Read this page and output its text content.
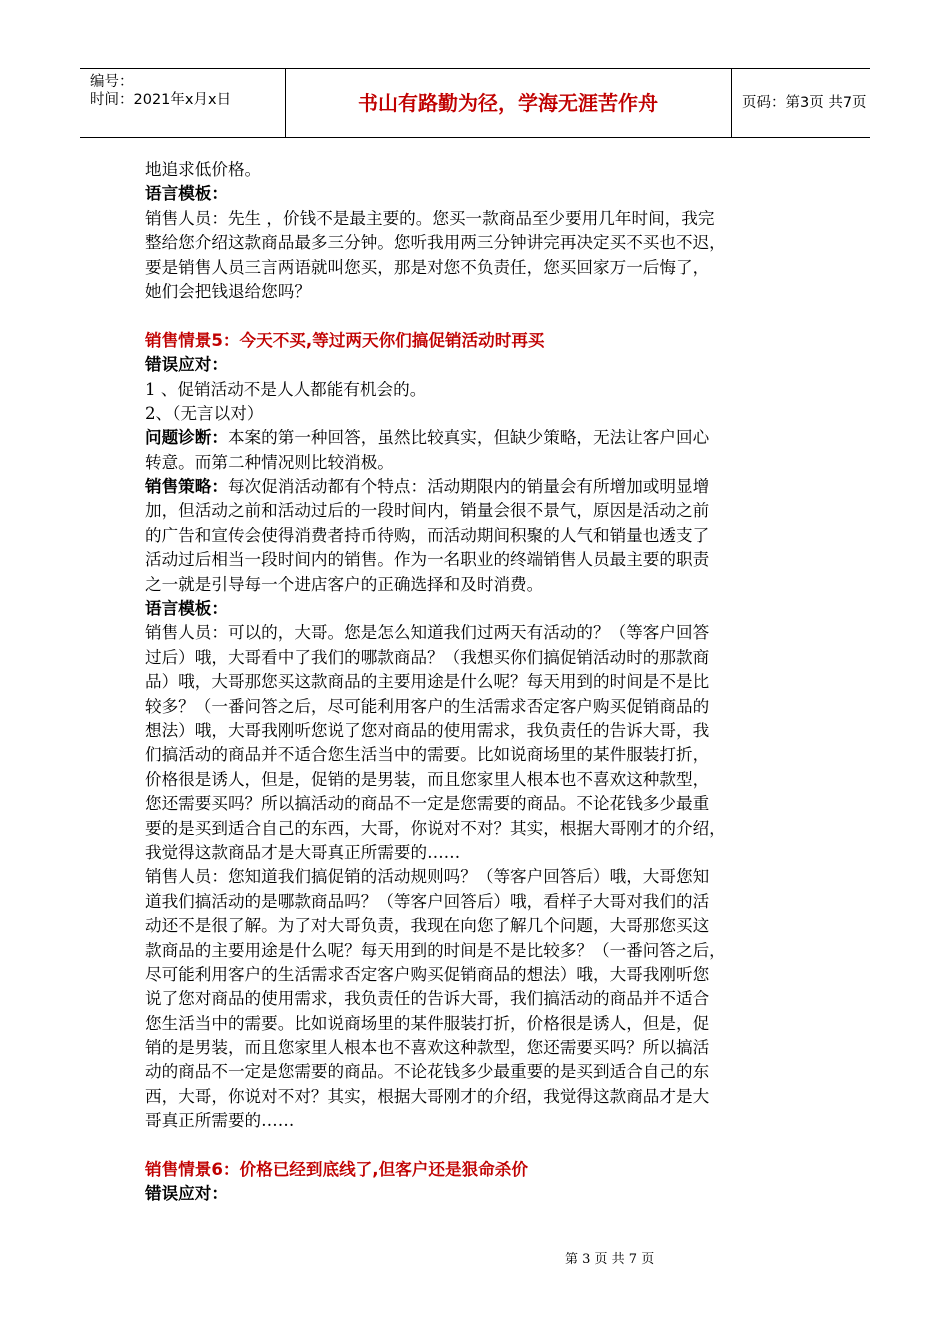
编号：
时间：2021年x月x日	书山有路勤为径，学海无涯苦作舟	页码：第3页 共7页
地追求低价格。
语言模板：
销售人员：先生 ，价钱不是最主要的。您买一款商品至少要用几年时间，我完
整给您介绍这款商品最多三分钟。您听我用两三分钟讲完再决定买不买也不迟，
要是销售人员三言两语就叫您买，那是对您不负责任，您买回家万一后悔了，
她们会把钱退给您吗？
销售情景5：今天不买,等过两天你们搞促销活动时再买
错误应对：
1 、促销活动不是人人都能有机会的。
2、（无言以对）
问题诊断：本案的第一种回答，虽然比较真实，但缺少策略，无法让客户回心
转意。而第二种情况则比较消极。
销售策略：每次促消活动都有个特点：活动期限内的销量会有所增加或明显增
加，但活动之前和活动过后的一段时间内，销量会很不景气，原因是活动之前
的广告和宣传会使得消费者持币待购，而活动期间积聚的人气和销量也透支了
活动过后相当一段时间内的销售。作为一名职业的终端销售人员最主要的职责
之一就是引导每一个进店客户的正确选择和及时消费。
语言模板：
销售人员：可以的，大哥。您是怎么知道我们过两天有活动的？（等客户回答
过后）哦，大哥看中了我们的哪款商品？（我想买你们搞促销活动时的那款商
品）哦，大哥那您买这款商品的主要用途是什么呢？每天用到的时间是不是比
较多？（一番问答之后，尽可能利用客户的生活需求否定客户购买促销商品的
想法）哦，大哥我刚听您说了您对商品的使用需求，我负责任的告诉大哥，我
们搞活动的商品并不适合您生活当中的需要。比如说商场里的某件服装打折，
价格很是诱人，但是，促销的是男装，而且您家里人根本也不喜欢这种款型，
您还需要买吗？所以搞活动的商品不一定是您需要的商品。不论花钱多少最重
要的是买到适合自己的东西，大哥，你说对不对？其实，根据大哥刚才的介绍，
我觉得这款商品才是大哥真正所需要的……
销售人员：您知道我们搞促销的活动规则吗？（等客户回答后）哦，大哥您知
道我们搞活动的是哪款商品吗？（等客户回答后）哦，看样子大哥对我们的活
动还不是很了解。为了对大哥负责，我现在向您了解几个问题，大哥那您买这
款商品的主要用途是什么呢？每天用到的时间是不是比较多？（一番问答之后，
尽可能利用客户的生活需求否定客户购买促销商品的想法）哦，大哥我刚听您
说了您对商品的使用需求，我负责任的告诉大哥，我们搞活动的商品并不适合
您生活当中的需要。比如说商场里的某件服装打折，价格很是诱人，但是，促
销的是男装，而且您家里人根本也不喜欢这种款型，您还需要买吗？所以搞活
动的商品不一定是您需要的商品。不论花钱多少最重要的是买到适合自己的东
西，大哥，你说对不对？其实，根据大哥刚才的介绍，我觉得这款商品才是大
哥真正所需要的……
销售情景6：价格已经到底线了,但客户还是狠命杀价
错误应对：
第 3 页 共 7 页
